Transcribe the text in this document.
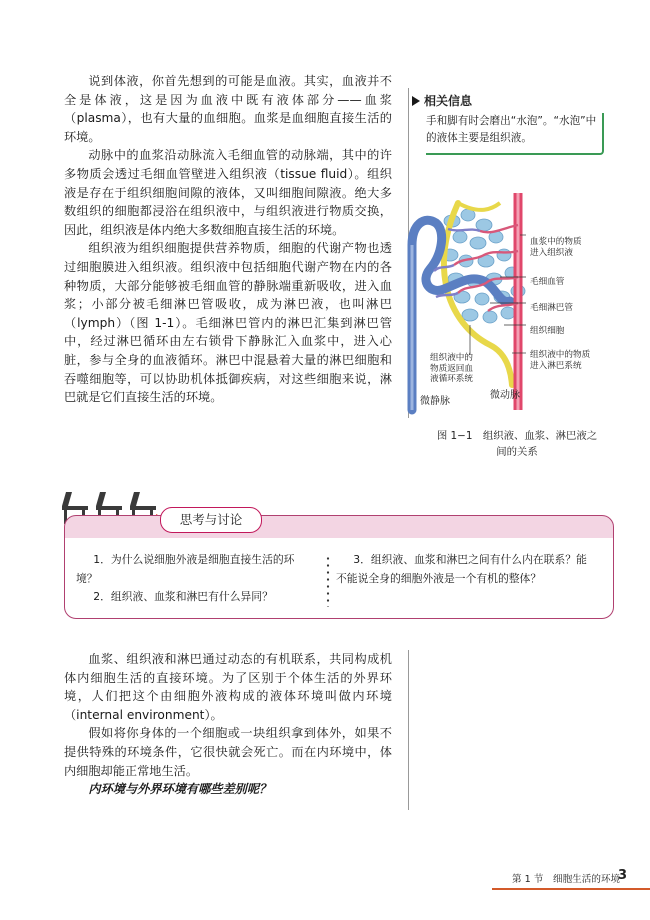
说到体液，你首先想到的可能是血液。其实，血液并不全是体液，这是因为血液中既有液体部分——血浆（plasma），也有大量的血细胞。血浆是血细胞直接生活的环境。

动脉中的血浆沿动脉流入毛细血管的动脉端，其中的许多物质会透过毛细血管壁进入组织液（tissue fluid）。组织液是存在于组织细胞间隙的液体，又叫细胞间隙液。绝大多数组织的细胞都浸浴在组织液中，与组织液进行物质交换，因此，组织液是体内绝大多数细胞直接生活的环境。

组织液为组织细胞提供营养物质，细胞的代谢产物也透过细胞膜进入组织液。组织液中包括细胞代谢产物在内的各种物质，大部分能够被毛细血管的静脉端重新吸收，进入血浆；小部分被毛细淋巴管吸收，成为淋巴液，也叫淋巴（lymph）（图 1-1）。毛细淋巴管内的淋巴汇集到淋巴管中，经过淋巴循环由左右锁骨下静脉汇入血浆中，进入心脏，参与全身的血液循环。淋巴中混悬着大量的淋巴细胞和吞噬细胞等，可以协助机体抵御疾病，对这些细胞来说，淋巴就是它们直接生活的环境。

相关信息
手和脚有时会磨出“水泡”。“水泡”中的液体主要是组织液。
血浆中的物质
进入组织液
毛细血管
毛细淋巴管
组织细胞
组织液中的物质
进入淋巴系统
组织液中的
物质返回血
液循环系统
微静脉
微动脉
图 1−1　组织液、血浆、淋巴液之
间的关系
思考与讨论

1．为什么说细胞外液是细胞直接生活的环境？

2．组织液、血浆和淋巴有什么异同？

3．组织液、血浆和淋巴之间有什么内在联系？能不能说全身的细胞外液是一个有机的整体？

血浆、组织液和淋巴通过动态的有机联系，共同构成机体内细胞生活的直接环境。为了区别于个体生活的外界环境，人们把这个由细胞外液构成的液体环境叫做内环境（internal environment）。

假如将你身体的一个细胞或一块组织拿到体外，如果不提供特殊的环境条件，它很快就会死亡。而在内环境中，体内细胞却能正常地生活。

内环境与外界环境有哪些差别呢？

第 1 节　细胞生活的环境
3
